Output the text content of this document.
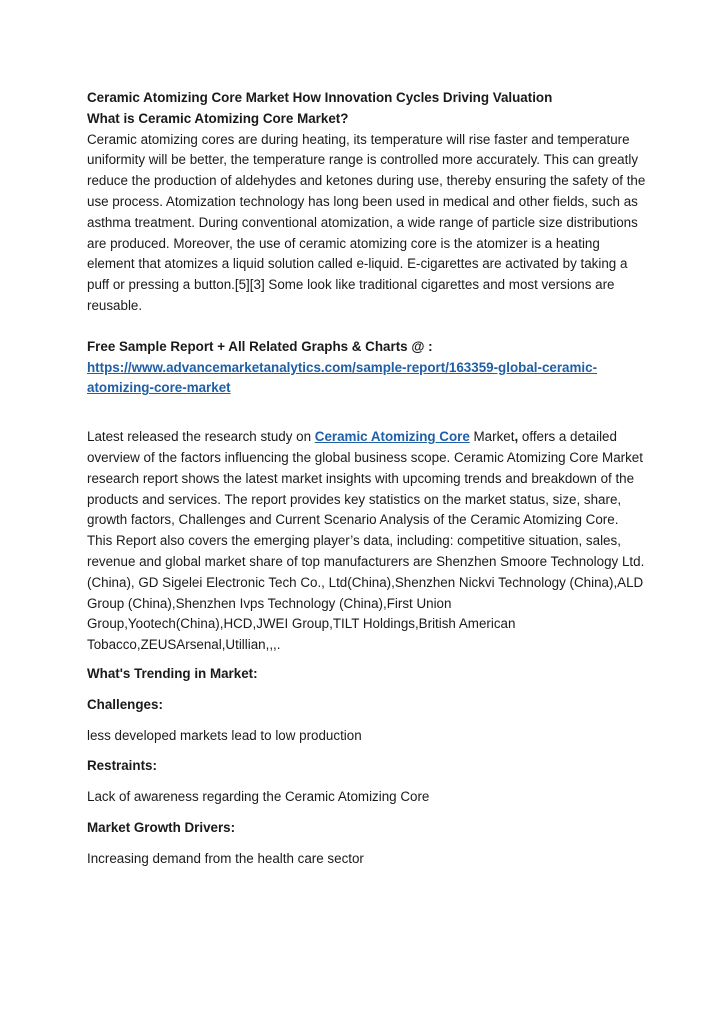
Ceramic Atomizing Core Market How Innovation Cycles Driving Valuation

What is Ceramic Atomizing Core Market?
Ceramic atomizing cores are during heating, its temperature will rise faster and temperature uniformity will be better, the temperature range is controlled more accurately. This can greatly reduce the production of aldehydes and ketones during use, thereby ensuring the safety of the use process. Atomization technology has long been used in medical and other fields, such as asthma treatment. During conventional atomization, a wide range of particle size distributions are produced. Moreover, the use of ceramic atomizing core is the atomizer is a heating element that atomizes a liquid solution called e-liquid. E-cigarettes are activated by taking a puff or pressing a button.[5][3] Some look like traditional cigarettes and most versions are reusable.

Free Sample Report + All Related Graphs & Charts @ :
https://www.advancemarketanalytics.com/sample-report/163359-global-ceramic-atomizing-core-market

Latest released the research study on Ceramic Atomizing Core Market, offers a detailed overview of the factors influencing the global business scope. Ceramic Atomizing Core Market research report shows the latest market insights with upcoming trends and breakdown of the products and services. The report provides key statistics on the market status, size, share, growth factors, Challenges and Current Scenario Analysis of the Ceramic Atomizing Core. This Report also covers the emerging player’s data, including: competitive situation, sales, revenue and global market share of top manufacturers are Shenzhen Smoore Technology Ltd. (China), GD Sigelei Electronic Tech Co., Ltd(China),Shenzhen Nickvi Technology (China),ALD Group (China),Shenzhen Ivps Technology (China),First Union Group,Yootech(China),HCD,JWEI Group,TILT Holdings,British American Tobacco,ZEUSArsenal,Utillian,,,.

What's Trending in Market:

Challenges:

less developed markets lead to low production

Restraints:

Lack of awareness regarding the Ceramic Atomizing Core

Market Growth Drivers:

Increasing demand from the health care sector
